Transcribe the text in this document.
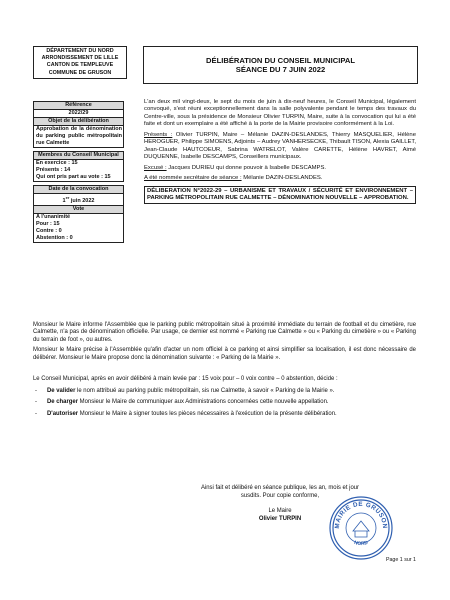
DÉPARTEMENT DU NORD
ARRONDISSEMENT DE LILLE
CANTON DE TEMPLEUVE
COMMUNE DE GRUSON
DÉLIBÉRATION DU CONSEIL MUNICIPAL
SÉANCE DU 7 JUIN 2022
Référence
2022/29
Objet de la délibération
Approbation de la dénomination du parking public métropolitain rue Calmette
Membres du Conseil Municipal
En exercice : 15
Présents : 14
Qui ont pris part au vote : 15
Date de la convocation
1er juin 2022
Vote
A l'unanimité
Pour : 15
Contre : 0
Abstention : 0

L'an deux mil vingt-deux, le sept du mois de juin à dix-neuf heures, le Conseil Municipal, légalement convoqué, s'est réuni exceptionnellement dans la salle polyvalente pendant le temps des travaux du Centre-ville, sous la présidence de Monsieur Olivier TURPIN, Maire, suite à la convocation qui lui a été faite et dont un exemplaire a été affiché à la porte de la Mairie provisoire conformément à la Loi.

Présents : Olivier TURPIN, Maire – Mélanie DAZIN-DESLANDES, Thierry MASQUELIER, Hélène HEROGUER, Philippe SIMOENS, Adjoints – Audrey VANHERSECKE, Thibault TISON, Alexia GAILLET, Jean-Claude HAUTCOEUR, Sabrina WATRELOT, Valère CARETTE, Hélène HAVRET, Aimé DUQUENNE, Isabelle DESCAMPS, Conseillers municipaux.

Excusé : Jacques DURIEU qui donne pouvoir à Isabelle DESCAMPS.

A été nommée secrétaire de séance : Mélanie DAZIN-DESLANDES.

DÉLIBERATION N°2022-29 – URBANISME ET TRAVAUX / SÉCURITÉ ET ENVIRONNEMENT – PARKING MÉTROPOLITAIN RUE CALMETTE – DÉNOMINATION NOUVELLE – APPROBATION.

Monsieur le Maire informe l'Assemblée que le parking public métropolitain situé à proximité immédiate du terrain de football et du cimetière, rue Calmette, n'a pas de dénomination officielle. Par usage, ce dernier est nommé « Parking rue Calmette » ou « Parking du cimetière » ou « Parking du terrain de foot », ou autres.

Monsieur le Maire précise à l'Assemblée qu'afin d'acter un nom officiel à ce parking et ainsi simplifier sa localisation, il est donc nécessaire de délibérer. Monsieur le Maire propose donc la dénomination suivante : « Parking de la Mairie ».

Le Conseil Municipal, après en avoir délibéré à main levée par : 15 voix pour – 0 voix contre – 0 abstention, décide :

- De valider le nom attribué au parking public métropolitain, sis rue Calmette, à savoir « Parking de la Mairie ».
- De charger Monsieur le Maire de communiquer aux Administrations concernées cette nouvelle appellation.
- D'autoriser Monsieur le Maire à signer toutes les pièces nécessaires à l'exécution de la présente délibération.
Ainsi fait et délibéré en séance publique, les an, mois et jour
susdits. Pour copie conforme,
Le Maire
Olivier TURPIN
MAIRIE DE GRUSON
NORD
Page 1 sur 1
